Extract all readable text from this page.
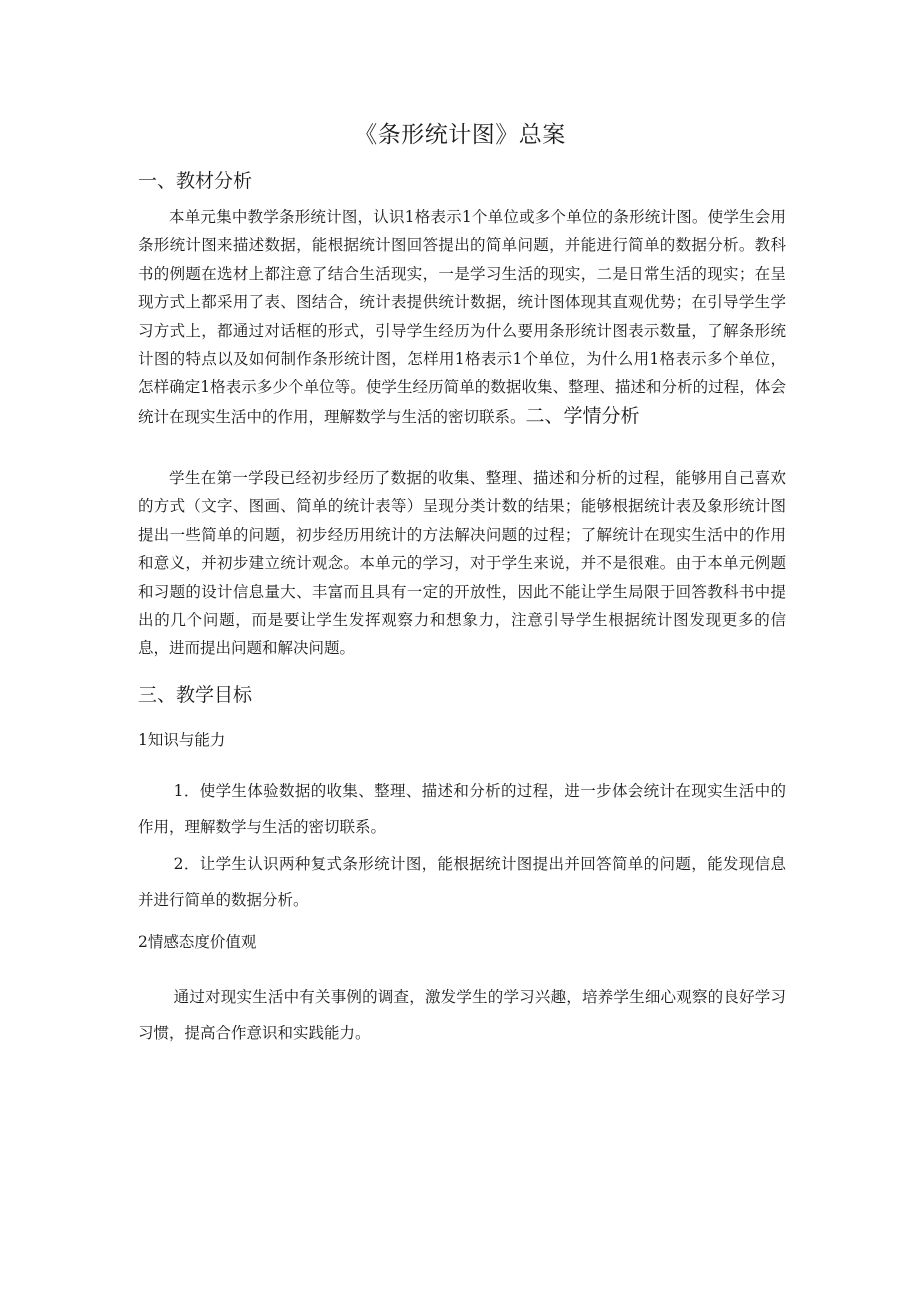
《条形统计图》总案
一、教材分析
本单元集中教学条形统计图，认识1格表示1个单位或多个单位的条形统计图。使学生会用条形统计图来描述数据，能根据统计图回答提出的简单问题，并能进行简单的数据分析。教科书的例题在选材上都注意了结合生活现实，一是学习生活的现实，二是日常生活的现实；在呈现方式上都采用了表、图结合，统计表提供统计数据，统计图体现其直观优势；在引导学生学习方式上，都通过对话框的形式，引导学生经历为什么要用条形统计图表示数量，了解条形统计图的特点以及如何制作条形统计图，怎样用1格表示1个单位，为什么用1格表示多个单位，怎样确定1格表示多少个单位等。使学生经历简单的数据收集、整理、描述和分析的过程，体会统计在现实生活中的作用，理解数学与生活的密切联系。二、学情分析
学生在第一学段已经初步经历了数据的收集、整理、描述和分析的过程，能够用自己喜欢的方式（文字、图画、简单的统计表等）呈现分类计数的结果；能够根据统计表及象形统计图提出一些简单的问题，初步经历用统计的方法解决问题的过程；了解统计在现实生活中的作用和意义，并初步建立统计观念。本单元的学习，对于学生来说，并不是很难。由于本单元例题和习题的设计信息量大、丰富而且具有一定的开放性，因此不能让学生局限于回答教科书中提出的几个问题，而是要让学生发挥观察力和想象力，注意引导学生根据统计图发现更多的信息，进而提出问题和解决问题。
三、教学目标
1知识与能力
1．使学生体验数据的收集、整理、描述和分析的过程，进一步体会统计在现实生活中的作用，理解数学与生活的密切联系。
2．让学生认识两种复式条形统计图，能根据统计图提出并回答简单的问题，能发现信息并进行简单的数据分析。
2情感态度价值观
通过对现实生活中有关事例的调查，激发学生的学习兴趣，培养学生细心观察的良好学习习惯，提高合作意识和实践能力。
